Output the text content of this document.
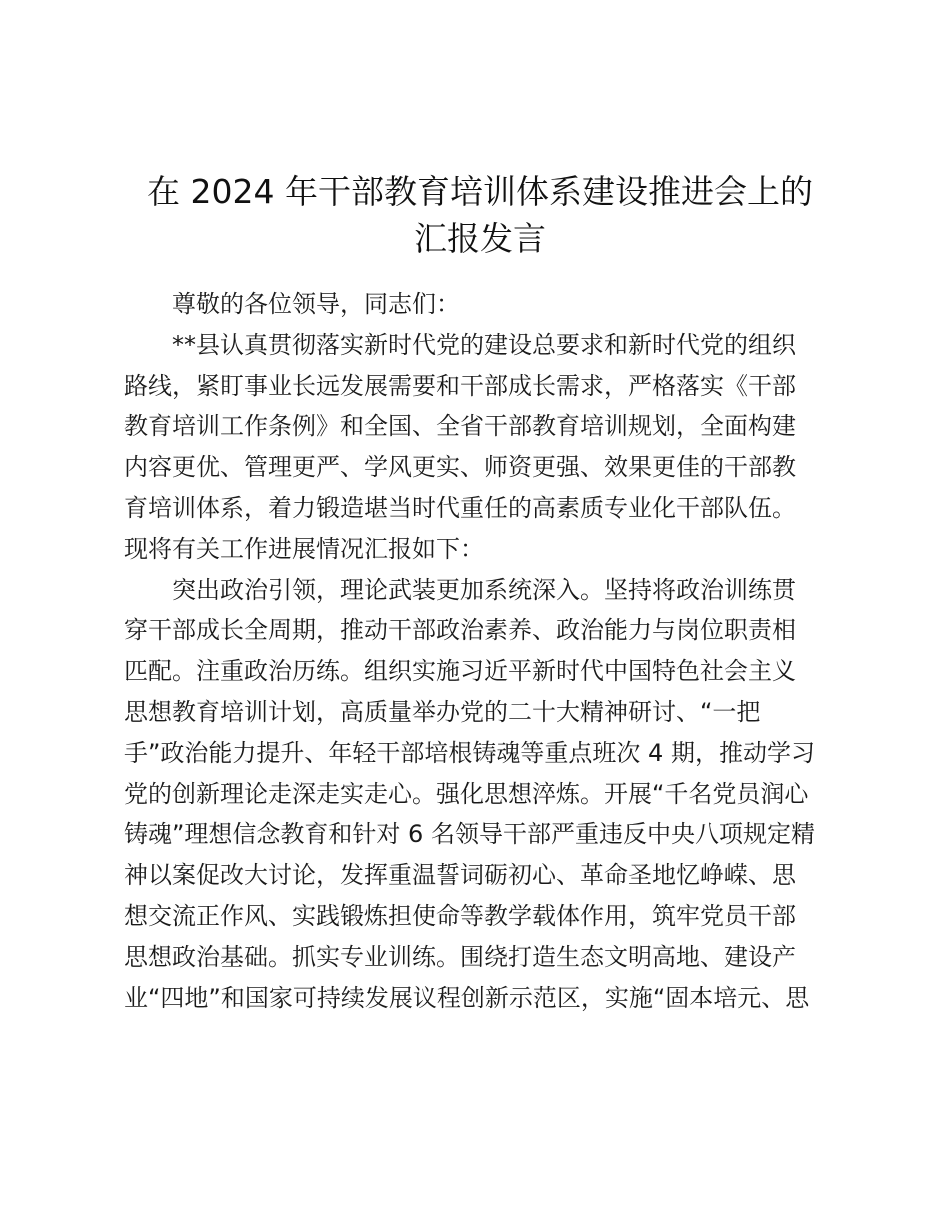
在 2024 年干部教育培训体系建设推进会上的
汇报发言
尊敬的各位领导，同志们：
**县认真贯彻落实新时代党的建设总要求和新时代党的组织
路线，紧盯事业长远发展需要和干部成长需求，严格落实《干部
教育培训工作条例》和全国、全省干部教育培训规划，全面构建
内容更优、管理更严、学风更实、师资更强、效果更佳的干部教
育培训体系，着力锻造堪当时代重任的高素质专业化干部队伍。
现将有关工作进展情况汇报如下：
突出政治引领，理论武装更加系统深入。坚持将政治训练贯
穿干部成长全周期，推动干部政治素养、政治能力与岗位职责相
匹配。注重政治历练。组织实施习近平新时代中国特色社会主义
思想教育培训计划，高质量举办党的二十大精神研讨、“一把
手”政治能力提升、年轻干部培根铸魂等重点班次 4 期，推动学习
党的创新理论走深走实走心。强化思想淬炼。开展“千名党员润心
铸魂”理想信念教育和针对 6 名领导干部严重违反中央八项规定精
神以案促改大讨论，发挥重温誓词砺初心、革命圣地忆峥嵘、思
想交流正作风、实践锻炼担使命等教学载体作用，筑牢党员干部
思想政治基础。抓实专业训练。围绕打造生态文明高地、建设产
业“四地”和国家可持续发展议程创新示范区，实施“固本培元、思
